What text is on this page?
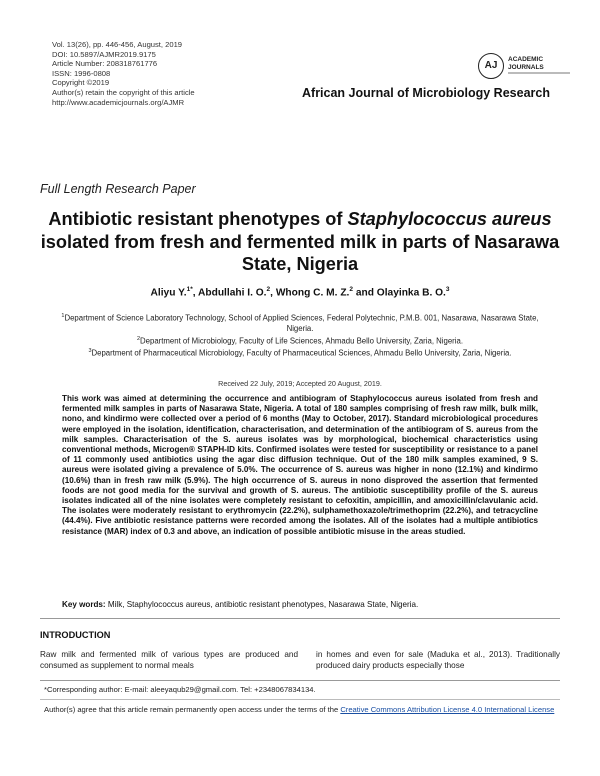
Vol. 13(26), pp. 446-456, August, 2019
DOI: 10.5897/AJMR2019.9175
Article Number: 208318761776
ISSN: 1996-0808
Copyright ©2019
Author(s) retain the copyright of this article
http://www.academicjournals.org/AJMR
AJ
ACADEMIC
JOURNALS
African Journal of Microbiology Research
Full Length Research Paper
Antibiotic resistant phenotypes of Staphylococcus aureus isolated from fresh and fermented milk in parts of Nasarawa State, Nigeria
Aliyu Y.$^{1*}$, Abdullahi I. O.$^2$, Whong C. M. Z.$^2$ and Olayinka B. O.$^3$
$^1$Department of Science Laboratory Technology, School of Applied Sciences, Federal Polytechnic, P.M.B. 001, Nasarawa, Nasarawa State, Nigeria.
$^2$Department of Microbiology, Faculty of Life Sciences, Ahmadu Bello University, Zaria, Nigeria.
$^3$Department of Pharmaceutical Microbiology, Faculty of Pharmaceutical Sciences, Ahmadu Bello University, Zaria, Nigeria.
Received 22 July, 2019; Accepted 20 August, 2019.
This work was aimed at determining the occurrence and antibiogram of Staphylococcus aureus isolated from fresh and fermented milk samples in parts of Nasarawa State, Nigeria. A total of 180 samples comprising of fresh raw milk, bulk milk, nono, and kindirmo were collected over a period of 6 months (May to October, 2017). Standard microbiological procedures were employed in the isolation, identification, characterisation, and determination of the antibiogram of S. aureus from the milk samples. Characterisation of the S. aureus isolates was by morphological, biochemical characteristics using conventional methods, Microgen® STAPH-ID kits. Confirmed isolates were tested for susceptibility or resistance to a panel of 11 commonly used antibiotics using the agar disc diffusion technique. Out of the 180 milk samples examined, 9 S. aureus were isolated giving a prevalence of 5.0%. The occurrence of S. aureus was higher in nono (12.1%) and kindirmo (10.6%) than in fresh raw milk (5.9%). The high occurrence of S. aureus in nono disproved the assertion that fermented foods are not good media for the survival and growth of S. aureus. The antibiotic susceptibility profile of the S. aureus isolates indicated all of the nine isolates were completely resistant to cefoxitin, ampicillin, and amoxicillin/clavulanic acid. The isolates were moderately resistant to erythromycin (22.2%), sulphamethoxazole/trimethoprim (22.2%), and tetracycline (44.4%). Five antibiotic resistance patterns were recorded among the isolates. All of the isolates had a multiple antibiotics resistance (MAR) index of 0.3 and above, an indication of possible antibiotic misuse in the areas studied.
Key words: Milk, Staphylococcus aureus, antibiotic resistant phenotypes, Nasarawa State, Nigeria.
INTRODUCTION
Raw milk and fermented milk of various types are produced and consumed as supplement to normal meals
in homes and even for sale (Maduka et al., 2013). Traditionally produced dairy products especially those
*Corresponding author: E-mail: aleeyaqub29@gmail.com. Tel: +2348067834134.
Author(s) agree that this article remain permanently open access under the terms of the Creative Commons Attribution License 4.0 International License
